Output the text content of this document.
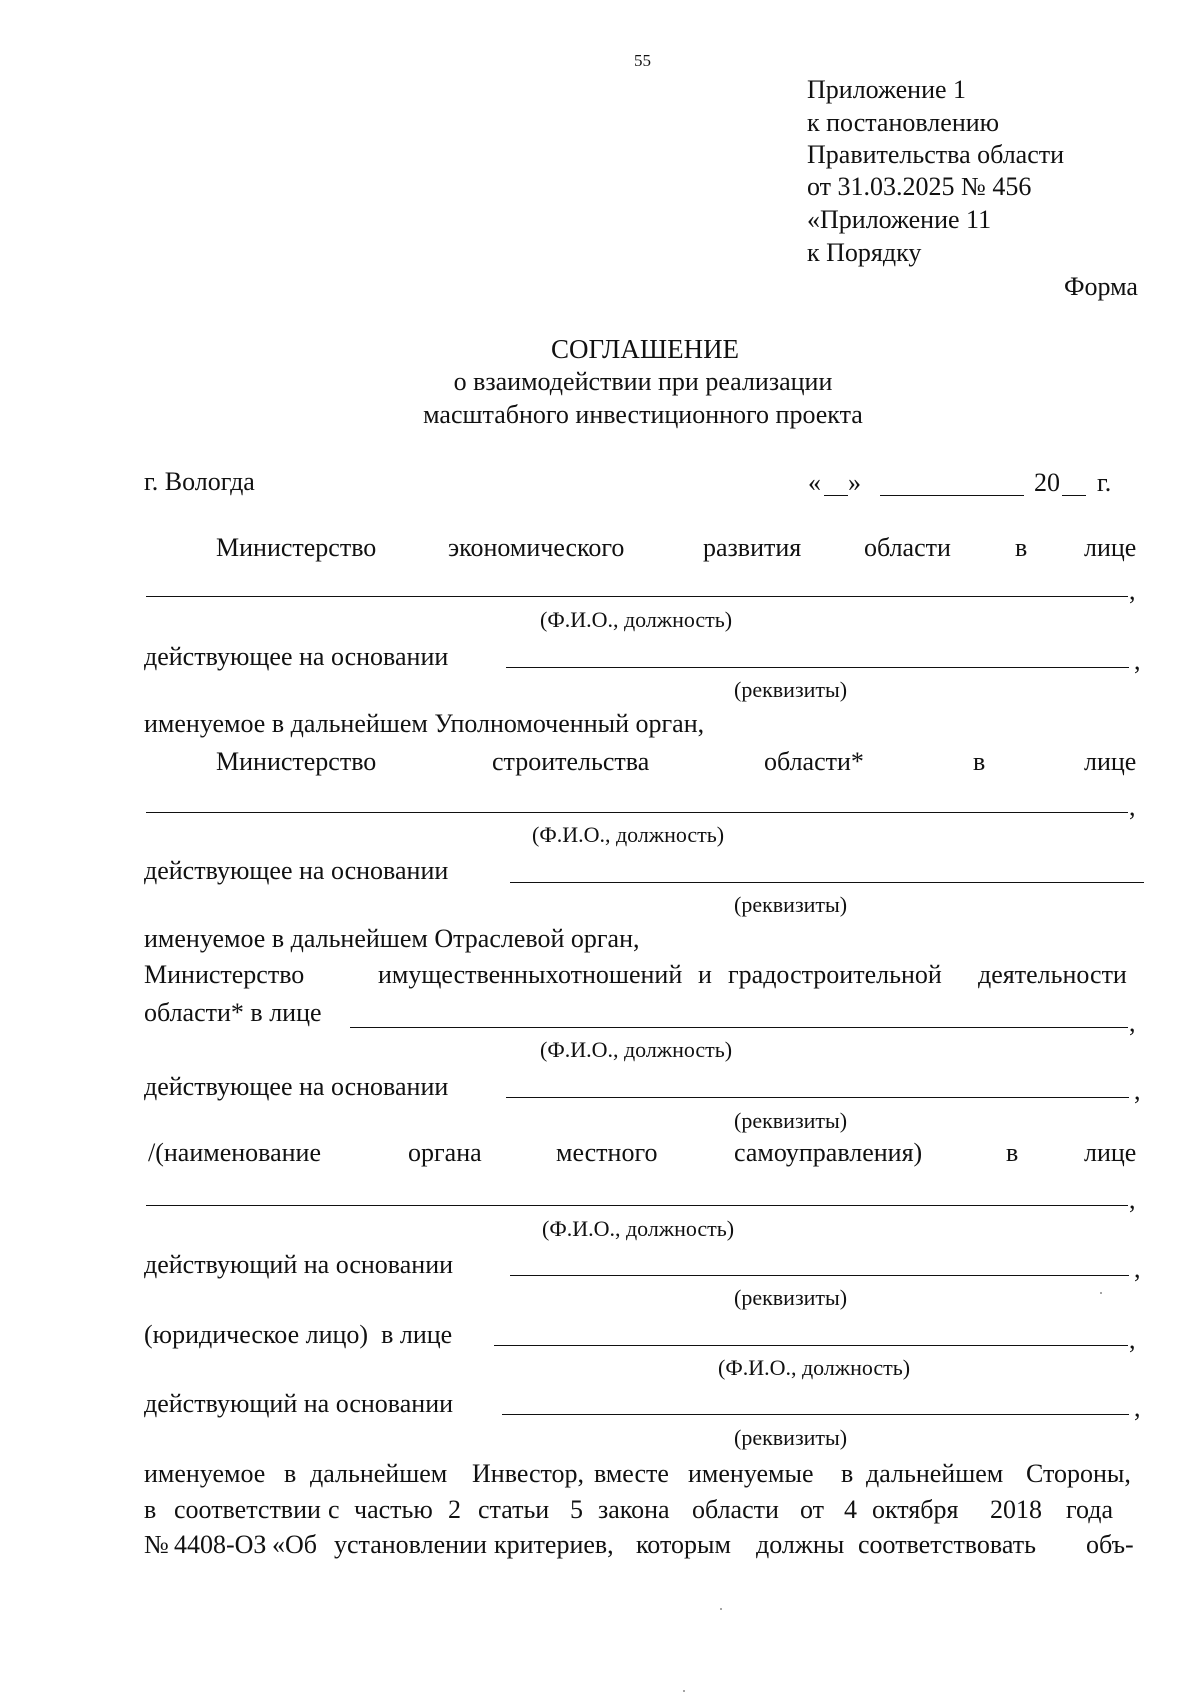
55
Приложение 1
к постановлению
Правительства области
от 31.03.2025 № 456
«Приложение 11
к Порядку
Форма
СОГЛАШЕНИЕ
о взаимодействии при реализации
масштабного инвестиционного проекта
г. Вологда	« »	20 г.
Министерство	экономического	развития области в лице
,
(Ф.И.О., должность)
действующее на основании	,
(реквизиты)
именуемое в дальнейшем Уполномоченный орган,
Министерство	строительства	области*	в	лице
,
(Ф.И.О., должность)
действующее на основании
(реквизиты)
именуемое в дальнейшем Отраслевой орган,
Министерство	имущественных отношений и градостроительной деятельности
области* в лице	,
(Ф.И.О., должность)
действующее на основании	,
(реквизиты)
/(наименование	органа	местного	самоуправления)	в	лице
,
(Ф.И.О., должность)
действующий на основании	,
(реквизиты)
(юридическое лицо)  в лице	,
(Ф.И.О., должность)
действующий на основании	,
(реквизиты)
именуемое в дальнейшем Инвестор, вместе именуемые в дальнейшем Стороны,
в соответствии с частью 2 статьи 5 закона области от 4 октября 2018 года
№ 4408-ОЗ «Об установлении критериев, которым должны соответствовать объ-
